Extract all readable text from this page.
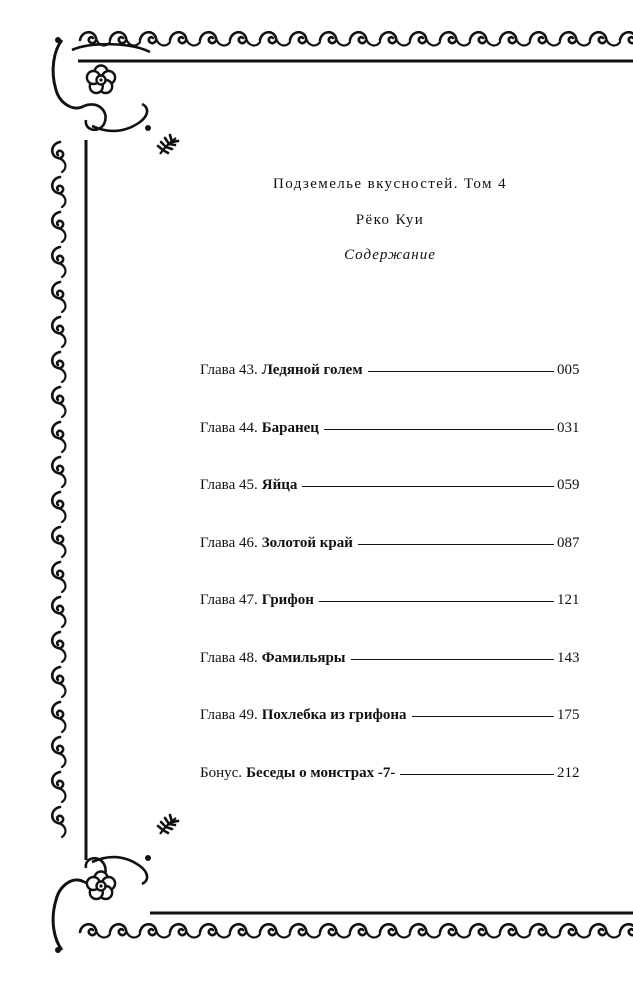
Подземелье вкусностей. Том 4
Рёко Куи
Содержание
Глава 43. Ледяной голем	005
Глава 44. Баранец	031
Глава 45. Яйца	059
Глава 46. Золотой край	087
Глава 47. Грифон	121
Глава 48. Фамильяры	143
Глава 49. Похлебка из грифона	175
Бонус. Беседы о монстрах -7-	212
